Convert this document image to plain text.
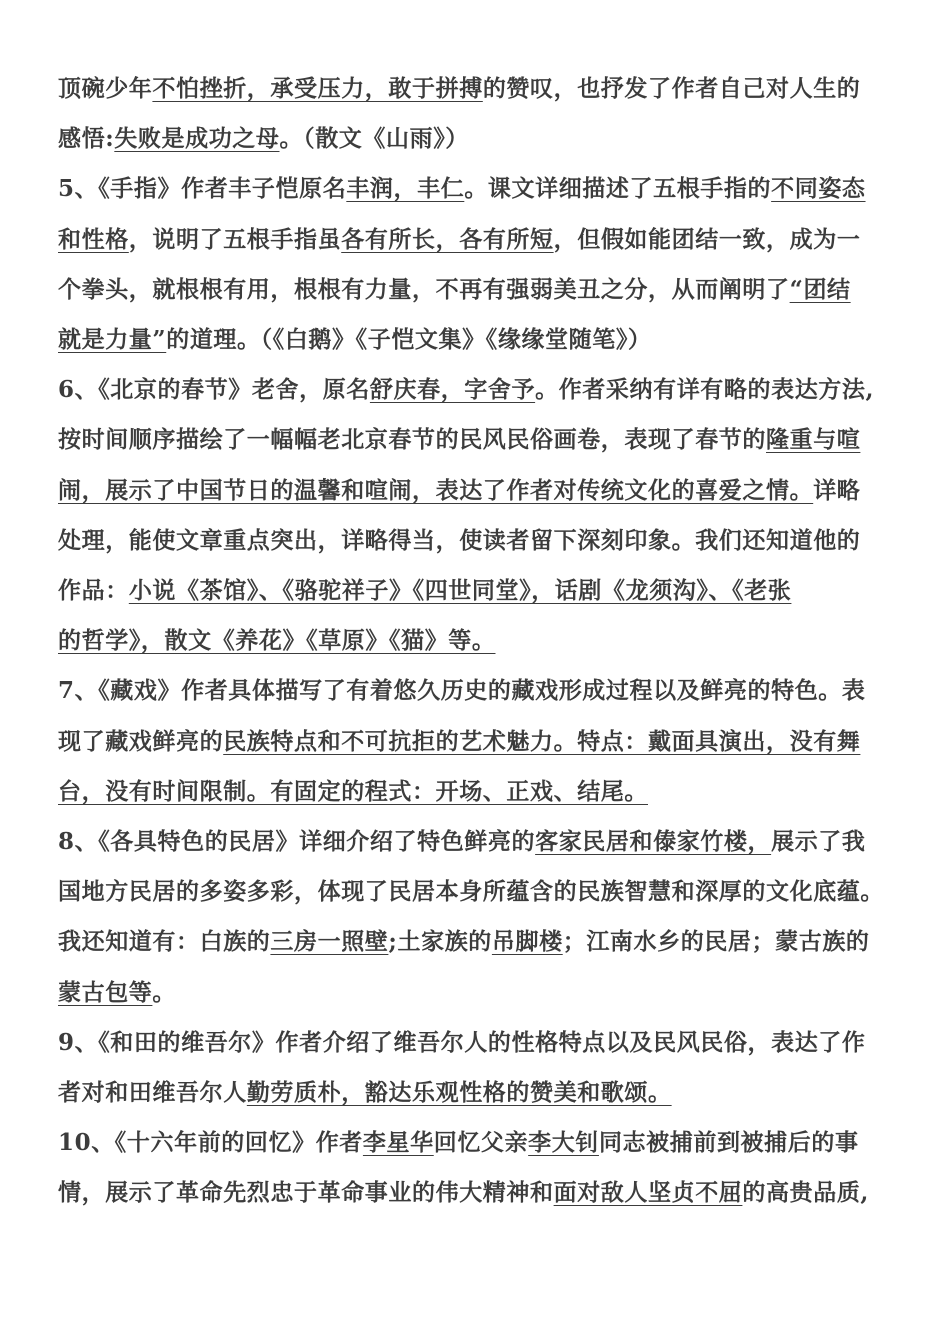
顶碗少年不怕挫折，承受压力，敢于拼搏的赞叹，也抒发了作者自己对人生的
感悟:失败是成功之母。（散文《山雨》）
5、《手指》作者丰子恺原名丰润，丰仁。课文详细描述了五根手指的不同姿态
和性格，说明了五根手指虽各有所长，各有所短，但假如能团结一致，成为一
个拳头，就根根有用，根根有力量，不再有强弱美丑之分，从而阐明了“团结
就是力量”的道理。（《白鹅》《子恺文集》《缘缘堂随笔》）
6、《北京的春节》老舍，原名舒庆春，字舍予。作者采纳有详有略的表达方法,
按时间顺序描绘了一幅幅老北京春节的民风民俗画卷，表现了春节的隆重与喧
闹，展示了中国节日的温馨和喧闹，表达了作者对传统文化的喜爱之情。详略
处理，能使文章重点突出，详略得当，使读者留下深刻印象。我们还知道他的
作品：小说《茶馆》、《骆驼祥子》《四世同堂》，话剧《龙须沟》、《老张
的哲学》，散文《养花》《草原》《猫》等。
7、《藏戏》作者具体描写了有着悠久历史的藏戏形成过程以及鲜亮的特色。表
现了藏戏鲜亮的民族特点和不可抗拒的艺术魅力。特点：戴面具演出，没有舞
台，没有时间限制。有固定的程式：开场、正戏、结尾。
8、《各具特色的民居》详细介绍了特色鲜亮的客家民居和傣家竹楼，展示了我
国地方民居的多姿多彩，体现了民居本身所蕴含的民族智慧和深厚的文化底蕴。
我还知道有：白族的三房一照壁;土家族的吊脚楼；江南水乡的民居；蒙古族的
蒙古包等。
9、《和田的维吾尔》作者介绍了维吾尔人的性格特点以及民风民俗，表达了作
者对和田维吾尔人勤劳质朴，豁达乐观性格的赞美和歌颂。
10、《十六年前的回忆》作者李星华回忆父亲李大钊同志被捕前到被捕后的事
情，展示了革命先烈忠于革命事业的伟大精神和面对敌人坚贞不屈的高贵品质,
